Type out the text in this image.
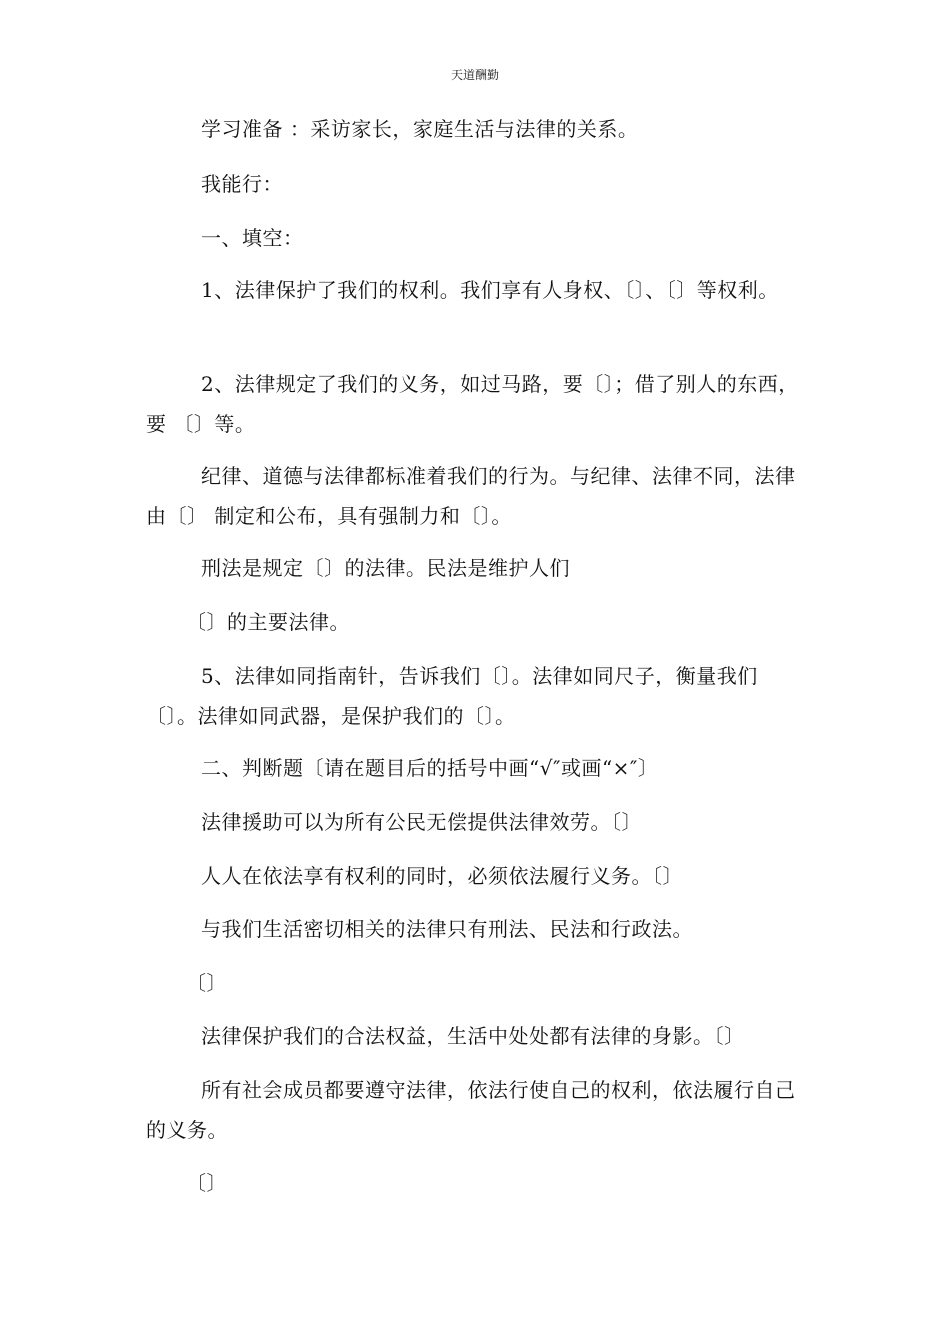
天道酬勤
学习准备 ：采访家长，家庭生活与法律的关系。
我能行：
一、填空：
1、法律保护了我们的权利。我们享有人身权、〔〕、〔〕等权利。
2、法律规定了我们的义务，如过马路，要〔〕；借了别人的东西，要 〔〕等。
纪律、道德与法律都标准着我们的行为。与纪律、法律不同，法律由〔〕 制定和公布，具有强制力和〔〕。
刑法是规定〔〕的法律。民法是维护人们
〔〕的主要法律。
5、法律如同指南针，告诉我们〔〕。法律如同尺子，衡量我们〔〕。法律如同武器，是保护我们的〔〕。
二、判断题〔请在题目后的括号中画“√″或画“×″〕
法律援助可以为所有公民无偿提供法律效劳。〔〕
人人在依法享有权利的同时，必须依法履行义务。〔〕
与我们生活密切相关的法律只有刑法、民法和行政法。
〔〕
法律保护我们的合法权益，生活中处处都有法律的身影。〔〕
所有社会成员都要遵守法律，依法行使自己的权利，依法履行自己的义务。
〔〕
